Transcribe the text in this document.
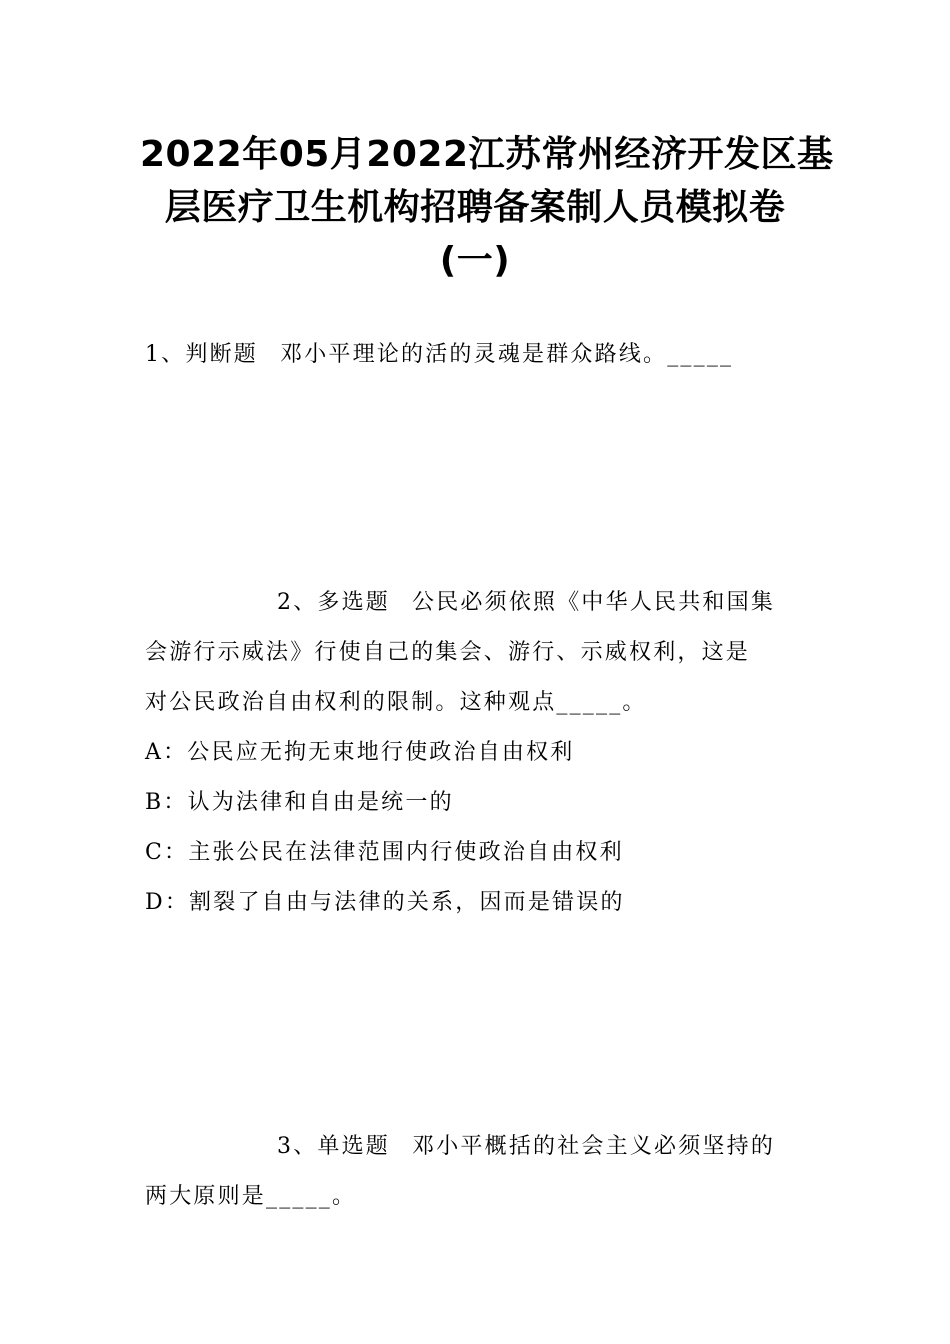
2022年05月2022江苏常州经济开发区基
层医疗卫生机构招聘备案制人员模拟卷
(一)
1、判断题 邓小平理论的活的灵魂是群众路线。_____
2、多选题 公民必须依照《中华人民共和国集
会游行示威法》行使自己的集会、游行、示威权利，这是
对公民政治自由权利的限制。这种观点_____。
A：公民应无拘无束地行使政治自由权利
B：认为法律和自由是统一的
C：主张公民在法律范围内行使政治自由权利
D：割裂了自由与法律的关系，因而是错误的
3、单选题 邓小平概括的社会主义必须坚持的
两大原则是_____。
